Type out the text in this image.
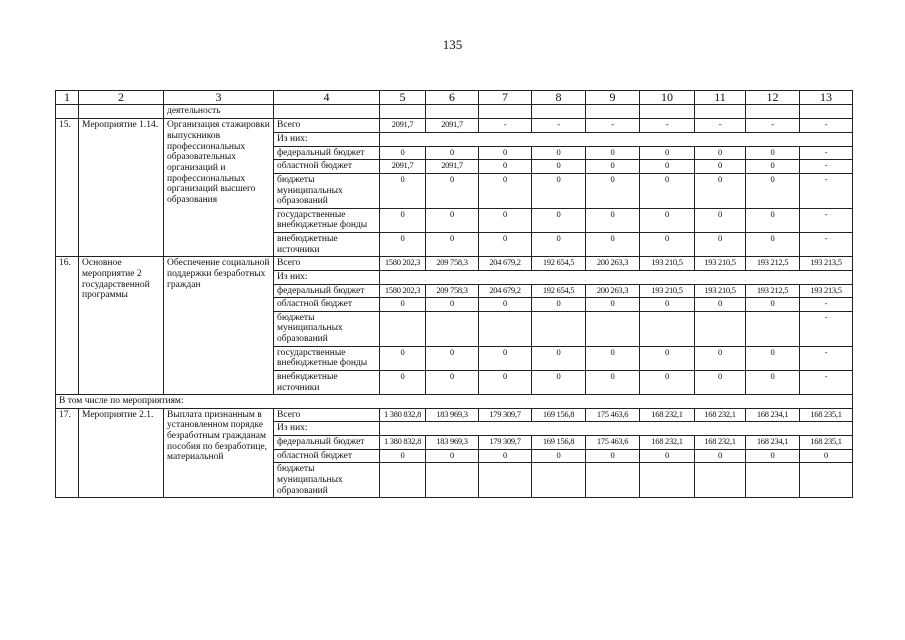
135
1	2	3	4	5	6	7	8	9	10	11	12	13
		деятельность										
15.	Мероприятие 1.14.	Организация стажировки выпускников профессиональных образовательных организаций и профессиональных организаций высшего образования	Всего	2091,7	2091,7	-	-	-	-	-	-	-
			Из них:									
			федеральный бюджет	0	0	0	0	0	0	0	0	-
			областной бюджет	2091,7	2091,7	0	0	0	0	0	0	-
			бюджеты муниципальных образований	0	0	0	0	0	0	0	0	-
			государственные внебюджетные фонды	0	0	0	0	0	0	0	0	-
			внебюджетные источники	0	0	0	0	0	0	0	0	-
16.	Основное мероприятие 2 государственной программы	Обеспечение социальной поддержки безработных граждан	Всего	1580 202,3	209 758,3	204 679,2	192 654,5	200 263,3	193 210,5	193 210,5	193 212,5	193 213,5
			Из них:									
			федеральный бюджет	1580 202,3	209 758,3	204 679,2	192 654,5	200 263,3	193 210,5	193 210,5	193 212,5	193 213,5
			областной бюджет	0	0	0	0	0	0	0	0	-
			бюджеты муниципальных образований									-
			государственные внебюджетные фонды	0	0	0	0	0	0	0	0	-
			внебюджетные источники	0	0	0	0	0	0	0	0	-
В том числе по мероприятиям:												
17.	Мероприятие 2.1.	Выплата признанным в установленном порядке безработным гражданам пособия по безработице, материальной	Всего	1 380 832,8	183 969,3	179 309,7	169 156,8	175 463,6	168 232,1	168 232,1	168 234,1	168 235,1
			Из них:									
			федеральный бюджет	1 380 832,8	183 969,3	179 309,7	169 156,8	175 463,6	168 232,1	168 232,1	168 234,1	168 235,1
			областной бюджет	0	0	0	0	0	0	0	0	0
			бюджеты муниципальных образований									
